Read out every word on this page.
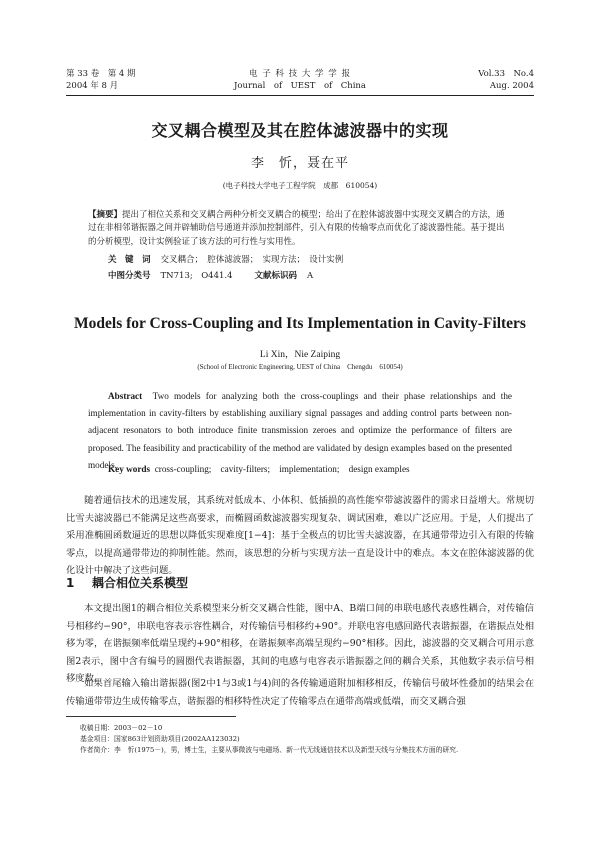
第 33 卷　第 4 期
2004 年 8 月
电 子 科 技 大 学 学 报
Journal　of　UEST　of　China
Vol.33　No.4
Aug. 2004
交叉耦合模型及其在腔体滤波器中的实现
李　忻，聂在平
(电子科技大学电子工程学院　成都　610054)
【摘要】提出了相位关系和交叉耦合两种分析交叉耦合的模型；给出了在腔体滤波器中实现交叉耦合的方法，通过在非相邻谐振器之间并辟辅助信号通道并添加控制部件，引入有限的传输零点而优化了滤波器性能。基于提出的分析模型，设计实例验证了该方法的可行性与实用性。
关　键　词 交叉耦合；　腔体滤波器；　实现方法；　设计实例
中图分类号 TN713;　O441.4	文献标识码 A
Models for Cross-Coupling and Its Implementation in Cavity-Filters
Li Xin，Nie Zaiping
(School of Electronic Engineering, UEST of China　Chengdu　610054)
Abstract Two models for analyzing both the cross-couplings and their phase relationships and the implementation in cavity-filters by establishing auxiliary signal passages and adding control parts between non-adjacent resonators to both introduce finite transmission zeroes and optimize the performance of filters are proposed. The feasibility and practicability of the method are validated by design examples based on the presented models.
Key words cross-coupling;　cavity-filters;　implementation;　design examples
随着通信技术的迅速发展，其系统对低成本、小体积、低插损的高性能窄带滤波器件的需求日益增大。常规切比雪夫滤波器已不能满足这些高要求，而椭圆函数滤波器实现复杂、调试困难，难以广泛应用。于是，人们提出了采用准椭圆函数逼近的思想以降低实现难度[1−4]：基于全极点的切比雪夫滤波器，在其通带带边引入有限的传输零点，以提高通带带边的抑制性能。然而，该思想的分析与实现方法一直是设计中的难点。本文在腔体滤波器的优化设计中解决了这些问题。
1 耦合相位关系模型
本文提出图1的耦合相位关系模型来分析交叉耦合性能，图中A、B端口间的串联电感代表感性耦合，对传输信号相移约−90°，串联电容表示容性耦合，对传输信号相移约+90°。并联电容电感回路代表谐振器，在谐振点处相移为零，在谐振频率低端呈现约+90°相移，在谐振频率高端呈现约−90°相移。因此，滤波器的交叉耦合可用示意图2表示，图中含有编号的圆圈代表谐振器，其间的电感与电容表示谐振器之间的耦合关系，其他数字表示信号相移度数。
如果首尾输入输出谐振器(图2中1与3或1与4)间的各传输通道附加相移相反，传输信号破坏性叠加的结果会在传输通带带边生成传输零点，谐振器的相移特性决定了传输零点在通带高端或低端，而交叉耦合强
收稿日期：2003－02－10
基金项目：国家863计划资助项目(2002AA123032)
作者简介：李　忻(1975－)，男，博士生，主要从事微波与电磁场、新一代无线通信技术以及新型天线与分集技术方面的研究.
